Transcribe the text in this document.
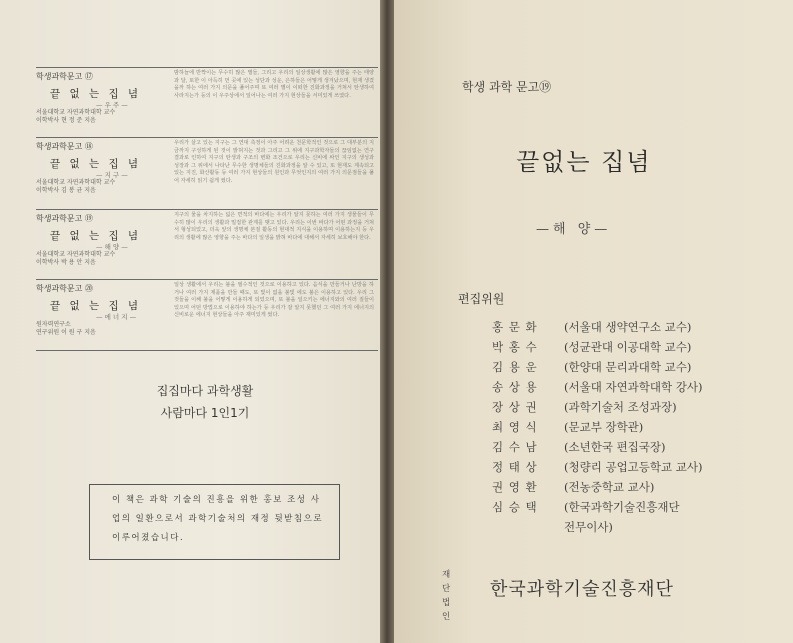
학생과학문고 ⑰
끝 없 는 집 념
— 우 주 —
서울대학교 자연과학대학 교수
이학박사 현 정 준 지음
밤하늘에 반짝이는 무수히 많은 별들, 그리고 우리의 일상생활에 많은 영향을 주는 태양과 달, 또한 이 아득히 먼 곳에 있는 성단과 성운, 은하들은 어떻게 생겨났으며, 현재 생겼을까 하는 여러 가지 의문을 풀어주며 또 여러 별이 이떠한 진화과정을 거쳐서 탄생하여 사라지는가 등의 이 우주상에서 일어나는 여러 가지 현상들을 서미있게 쓰였다.
학생과학문고 ⑱
끝 없 는 집 념
— 지 구 —
서울대학교 자연과학대학 교수
이학박사 김 봉 균 지음
우리가 살고 있는 지구는 그 연대 측정이 아주 어려운 천문학적인 것으로 그 대부분의 지금까지 구성하게 된 것이 밝혀지는 것과 그리고 그 위에 지구과학자들의 끊임없는 연구 결과로 인하여 지구의 탄생과 구조의 변화 조건으로 우리는 신비에 싸인 지구의 생성과 성장과 그 위에서 나타난 무수한 생명체들의 진화과정을 알 수 있고, 또 현재도 계속되고 있는 지진, 화산활동 등 여러 가지 현상들의 원인과 무엇인지의 여러 가지 의문점들을 풀어 자세히 읽기 쉽게 썼다.
학생과학문고 ⑲
끝 없 는 집 념
— 해 양 —
서울대학교 자연과학대학 교수
이학박사 박 용 안 지음
지구의 물을 차지하는 넓은 면적의 바다에는 우리가 알지 못하는 여러 가지 생물들이 무수히 많이 우리의 생활과 밀접한 관계를 맺고 있다. 우리는 이번 바다가 어떤 과정을 거쳐서 형성되었고, 더욱 앞의 생명체 본질 활동의 현대적 지식을 이용하며 이용하는지 등 우리의 생활에 많은 영향을 주는 바다의 일생을 밝혀 바다에 대해서 자세히 보호해야 한다.
학생과학문고 ⑳
끝 없 는 집 념
— 에 너 지 —
원자력연구소
연구위원 이 원 구 지음
일상 생활에서 우리는 불을 필수적인 것으로 이용하고 있다. 음식을 만들거나 난방을 하거나 여러 가지 제품을 만들 때도, 또 빛이 없을 불빛 에도 불은 이용하고 있다. 우리 그 것들을 이해 불을 어떻게 이용하게 되었으며, 또 불을 일으키는 에너지와의 여러 질들이 있으며 어떤 방법으로 이용하야 하는가 등 우리가 잘 알지 못했던 그 여러 가지 에너지의 신비로운 에너지 현상들을 아주 재미있게 썼다.
집집마다 과학생활
사람마다 1인1기
이 책은 과학 기술의 진흥을 위한 홍보 조성 사업의 일환으로서 과학기술처의 재정 뒷받침으로 이루어졌습니다.
학생 과학 문고⑲
끝없는 집념
—해 양—
편집위원
홍 문 화 (서울대 생약연구소 교수)
박 홍 수 (성균관대 이공대학 교수)
김 용 운 (한양대 문리과대학 교수)
송 상 용 (서울대 자연과학대학 강사)
장 상 권 (과학기술처 조성과장)
최 영 식 (문교부 장학관)
김 수 남 (소년한국 편집국장)
정 태 상 (청량리 공업고등학교 교사)
권 영 환 (전농중학교 교사)
심 승 택 (한국과학기술진흥재단
전무이사)
재단법인
한국과학기술진흥재단
